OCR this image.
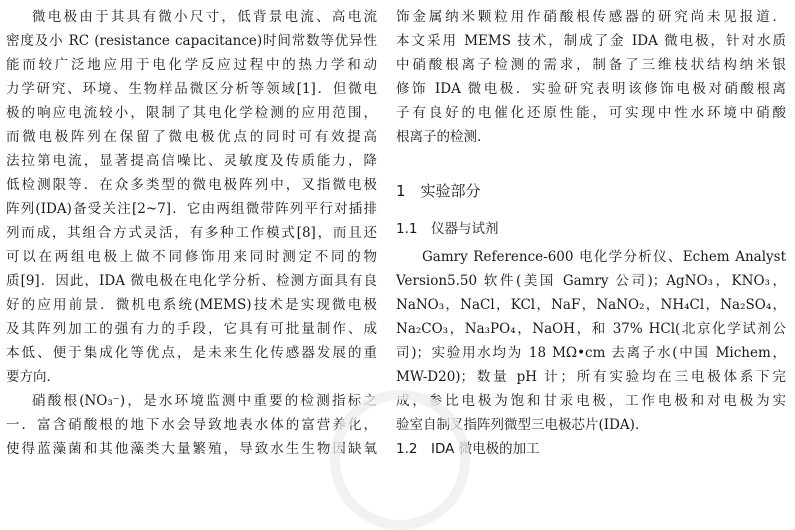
微电极由于其具有微小尺寸，低背景电流、高电流
密度及小 RC (resistance capacitance)时间常数等优异性
能而较广泛地应用于电化学反应过程中的热力学和动
力学研究、环境、生物样品微区分析等领域[1]．但微电
极的响应电流较小，限制了其电化学检测的应用范围，
而微电极阵列在保留了微电极优点的同时可有效提高
法拉第电流，显著提高信噪比、灵敏度及传质能力，降
低检测限等．在众多类型的微电极阵列中，叉指微电极
阵列(IDA)备受关注[2~7]．它由两组微带阵列平行对插排
列而成，其组合方式灵活，有多种工作模式[8]，而且还
可以在两组电极上做不同修饰用来同时测定不同的物
质[9]．因此，IDA 微电极在电化学分析、检测方面具有良
好的应用前景．微机电系统(MEMS)技术是实现微电极
及其阵列加工的强有力的手段，它具有可批量制作、成
本低、便于集成化等优点，是未来生化传感器发展的重
要方向．
硝酸根(NO₃⁻)，是水环境监测中重要的检测指标之
一．富含硝酸根的地下水会导致地表水体的富营养化，
使得蓝藻菌和其他藻类大量繁殖，导致水生生物因缺氧
饰金属纳米颗粒用作硝酸根传感器的研究尚未见报道．
本文采用 MEMS 技术，制成了金 IDA 微电极，针对水质
中硝酸根离子检测的需求，制备了三维枝状结构纳米银
修饰 IDA 微电极．实验研究表明该修饰电极对硝酸根离
子有良好的电催化还原性能，可实现中性水环境中硝酸
根离子的检测．
1　实验部分
1.1　仪器与试剂
Gamry Reference-600 电化学分析仪、Echem Analyst
Version5.50 软件(美国 Gamry 公司)；AgNO₃，KNO₃，
NaNO₃，NaCl，KCl，NaF，NaNO₂，NH₄Cl，Na₂SO₄，
Na₂CO₃，Na₃PO₄，NaOH，和 37% HCl(北京化学试剂公
司)；实验用水均为 18 MΩ•cm 去离子水(中国 Michem，
MW-D20)；数量 pH 计；所有实验均在三电极体系下完
成，参比电极为饱和甘汞电极，工作电极和对电极为实
验室自制叉指阵列微型三电极芯片(IDA)．
1.2　IDA 微电极的加工
